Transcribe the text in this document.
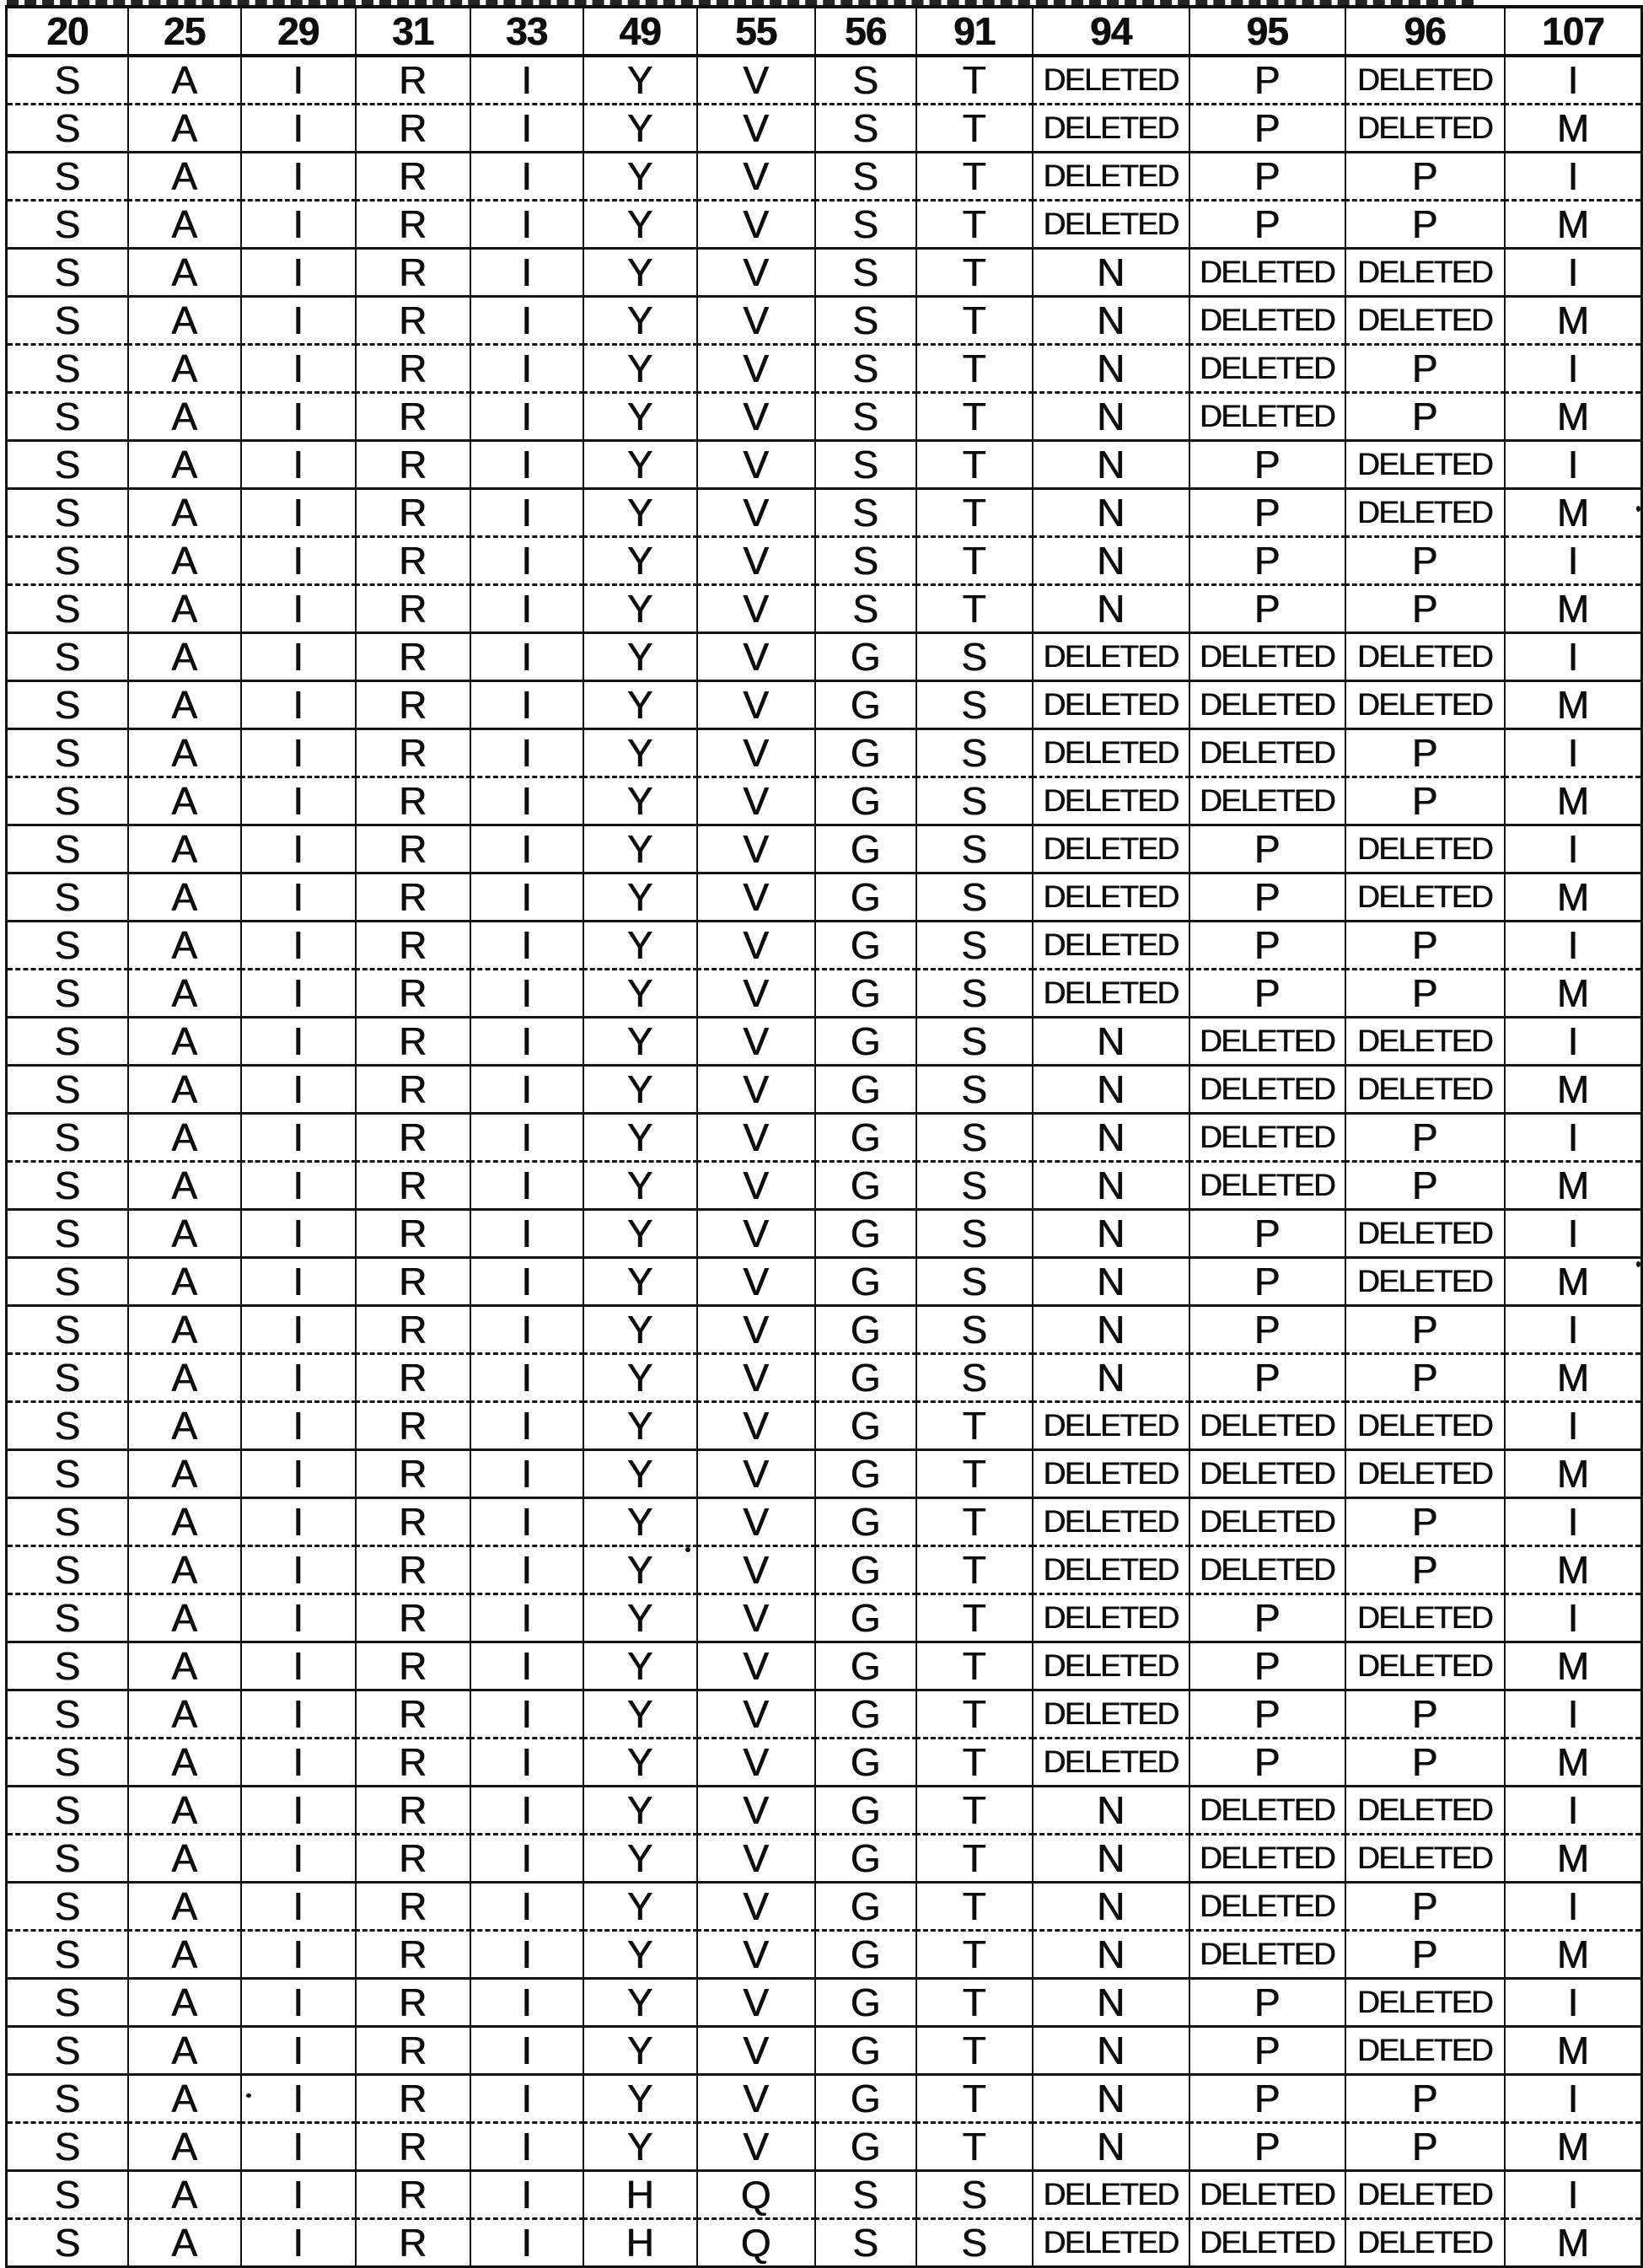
20	25	29	31	33	49	55	56	91	94	95	96	107
S	A	I	R	I	Y	V	S	T	DELETED	P	DELETED	I
S	A	I	R	I	Y	V	S	T	DELETED	P	DELETED	M
S	A	I	R	I	Y	V	S	T	DELETED	P	P	I
S	A	I	R	I	Y	V	S	T	DELETED	P	P	M
S	A	I	R	I	Y	V	S	T	N	DELETED	DELETED	I
S	A	I	R	I	Y	V	S	T	N	DELETED	DELETED	M
S	A	I	R	I	Y	V	S	T	N	DELETED	P	I
S	A	I	R	I	Y	V	S	T	N	DELETED	P	M
S	A	I	R	I	Y	V	S	T	N	P	DELETED	I
S	A	I	R	I	Y	V	S	T	N	P	DELETED	M
S	A	I	R	I	Y	V	S	T	N	P	P	I
S	A	I	R	I	Y	V	S	T	N	P	P	M
S	A	I	R	I	Y	V	G	S	DELETED	DELETED	DELETED	I
S	A	I	R	I	Y	V	G	S	DELETED	DELETED	DELETED	M
S	A	I	R	I	Y	V	G	S	DELETED	DELETED	P	I
S	A	I	R	I	Y	V	G	S	DELETED	DELETED	P	M
S	A	I	R	I	Y	V	G	S	DELETED	P	DELETED	I
S	A	I	R	I	Y	V	G	S	DELETED	P	DELETED	M
S	A	I	R	I	Y	V	G	S	DELETED	P	P	I
S	A	I	R	I	Y	V	G	S	DELETED	P	P	M
S	A	I	R	I	Y	V	G	S	N	DELETED	DELETED	I
S	A	I	R	I	Y	V	G	S	N	DELETED	DELETED	M
S	A	I	R	I	Y	V	G	S	N	DELETED	P	I
S	A	I	R	I	Y	V	G	S	N	DELETED	P	M
S	A	I	R	I	Y	V	G	S	N	P	DELETED	I
S	A	I	R	I	Y	V	G	S	N	P	DELETED	M
S	A	I	R	I	Y	V	G	S	N	P	P	I
S	A	I	R	I	Y	V	G	S	N	P	P	M
S	A	I	R	I	Y	V	G	T	DELETED	DELETED	DELETED	I
S	A	I	R	I	Y	V	G	T	DELETED	DELETED	DELETED	M
S	A	I	R	I	Y	V	G	T	DELETED	DELETED	P	I
S	A	I	R	I	Y	V	G	T	DELETED	DELETED	P	M
S	A	I	R	I	Y	V	G	T	DELETED	P	DELETED	I
S	A	I	R	I	Y	V	G	T	DELETED	P	DELETED	M
S	A	I	R	I	Y	V	G	T	DELETED	P	P	I
S	A	I	R	I	Y	V	G	T	DELETED	P	P	M
S	A	I	R	I	Y	V	G	T	N	DELETED	DELETED	I
S	A	I	R	I	Y	V	G	T	N	DELETED	DELETED	M
S	A	I	R	I	Y	V	G	T	N	DELETED	P	I
S	A	I	R	I	Y	V	G	T	N	DELETED	P	M
S	A	I	R	I	Y	V	G	T	N	P	DELETED	I
S	A	I	R	I	Y	V	G	T	N	P	DELETED	M
S	A	I	R	I	Y	V	G	T	N	P	P	I
S	A	I	R	I	Y	V	G	T	N	P	P	M
S	A	I	R	I	H	Q	S	S	DELETED	DELETED	DELETED	I
S	A	I	R	I	H	Q	S	S	DELETED	DELETED	DELETED	M
